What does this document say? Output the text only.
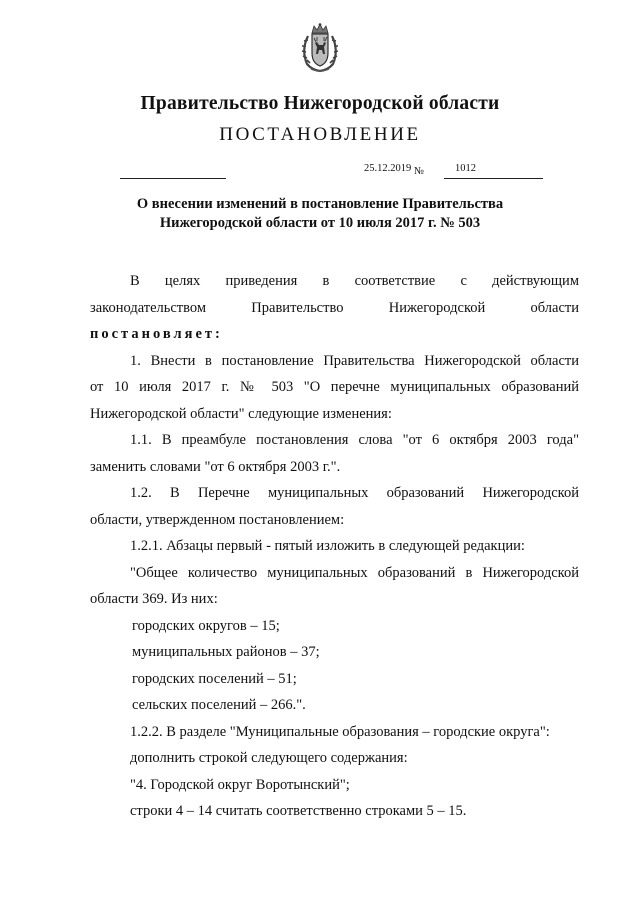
Правительство Нижегородской области
ПОСТАНОВЛЕНИЕ
25.12.2019 №	1012
О внесении изменений в постановление Правительства
Нижегородской области от 10 июля 2017 г. № 503
В целях приведения в соответствие с действующим
законодательством Правительство Нижегородской области
постановляет:
1. Внести в постановление Правительства Нижегородской области
от 10 июля 2017 г. № 503 "О перечне муниципальных образований
Нижегородской области" следующие изменения:
1.1. В преамбуле постановления слова "от 6 октября 2003 года"
заменить словами "от 6 октября 2003 г.".
1.2. В Перечне муниципальных образований Нижегородской
области, утвержденном постановлением:
1.2.1. Абзацы первый - пятый изложить в следующей редакции:
"Общее количество муниципальных образований в Нижегородской
области 369. Из них:
городских округов – 15;
муниципальных районов – 37;
городских поселений – 51;
сельских поселений – 266.".
1.2.2. В разделе "Муниципальные образования – городские округа":
дополнить строкой следующего содержания:
"4. Городской округ Воротынский";
строки 4 – 14 считать соответственно строками 5 – 15.
